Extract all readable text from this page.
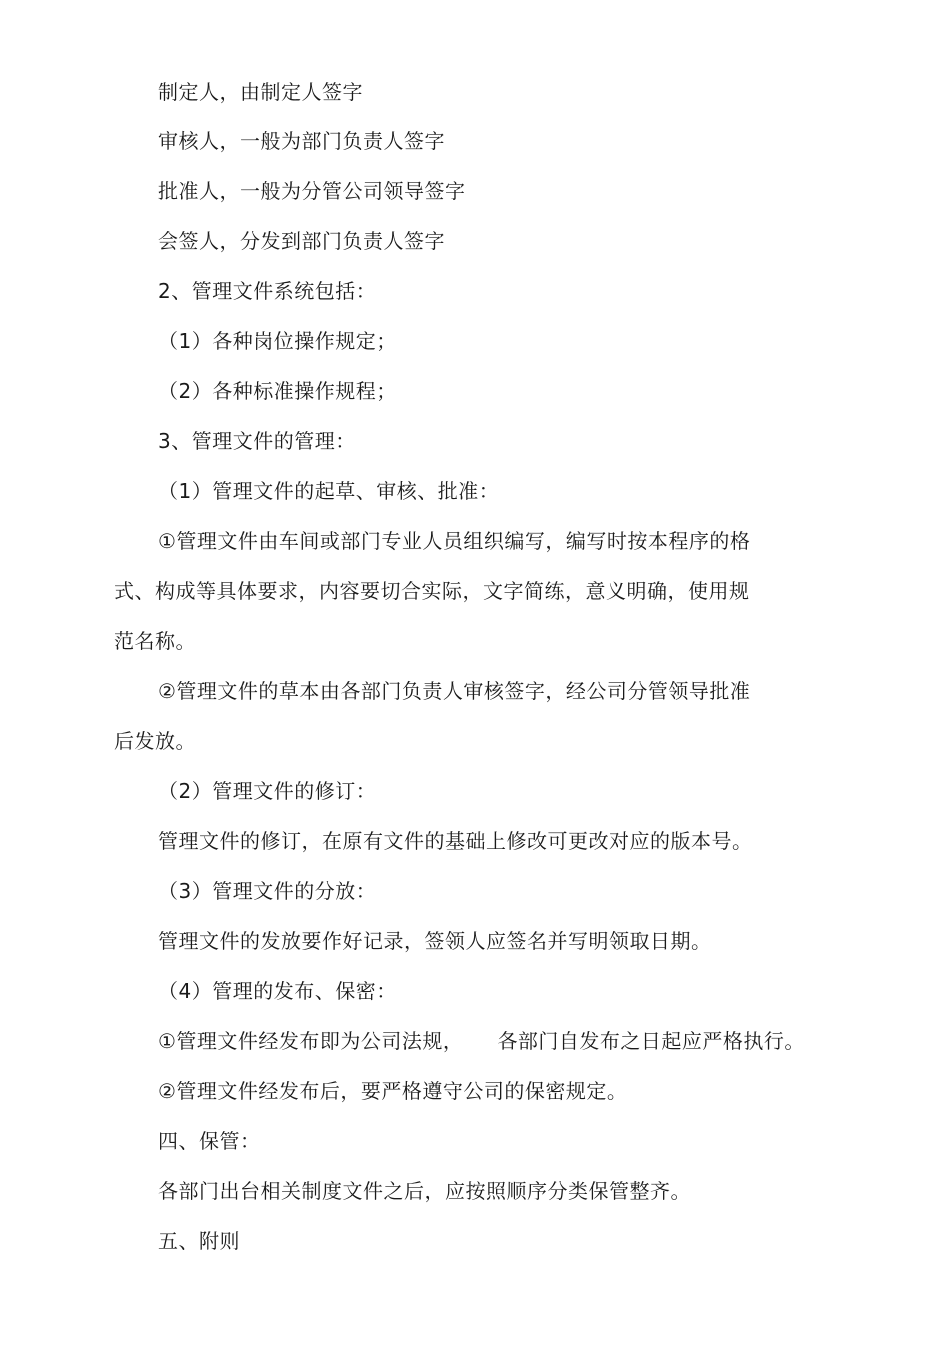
制定人，由制定人签字
审核人，一般为部门负责人签字
批准人，一般为分管公司领导签字
会签人，分发到部门负责人签字
2、管理文件系统包括：
（1）各种岗位操作规定；
（2）各种标准操作规程；
3、管理文件的管理：
（1）管理文件的起草、审核、批准：
①管理文件由车间或部门专业人员组织编写，编写时按本程序的格
式、构成等具体要求，内容要切合实际，文字简练，意义明确，使用规
范名称。
②管理文件的草本由各部门负责人审核签字，经公司分管领导批准
后发放。
（2）管理文件的修订：
管理文件的修订，在原有文件的基础上修改可更改对应的版本号。
（3）管理文件的分放：
管理文件的发放要作好记录，签领人应签名并写明领取日期。
（4）管理的发布、保密：
①管理文件经发布即为公司法规， 各部门自发布之日起应严格执行。
②管理文件经发布后，要严格遵守公司的保密规定。
四、保管：
各部门出台相关制度文件之后，应按照顺序分类保管整齐。
五、附则
